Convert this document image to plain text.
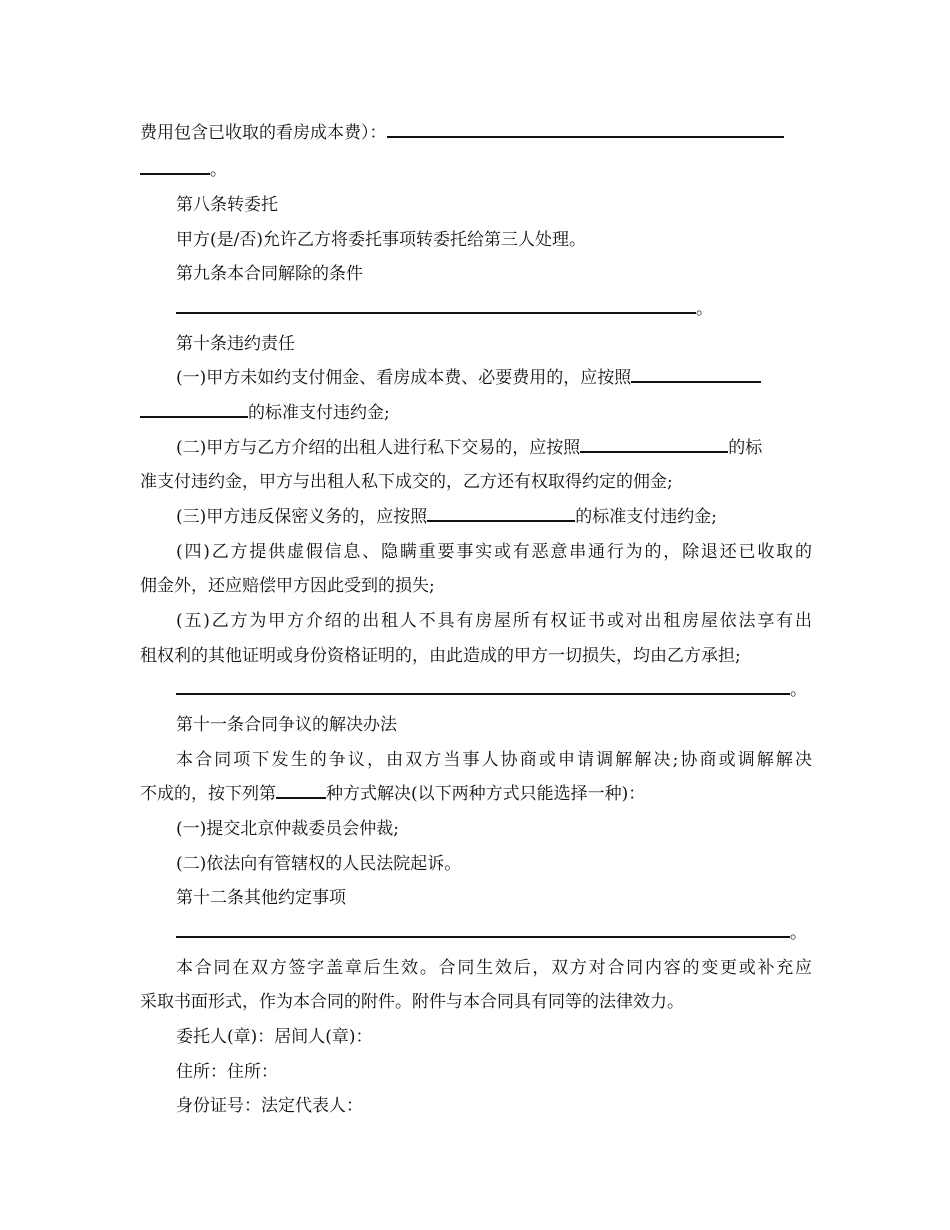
费用包含已收取的看房成本费）：
。
第八条转委托
甲方(是/否)允许乙方将委托事项转委托给第三人处理。
第九条本合同解除的条件
。
第十条违约责任
(一)甲方未如约支付佣金、看房成本费、必要费用的，应按照
的标准支付违约金;
(二)甲方与乙方介绍的出租人进行私下交易的，应按照	的标
准支付违约金，甲方与出租人私下成交的，乙方还有权取得约定的佣金;
(三)甲方违反保密义务的，应按照	的标准支付违约金;
(四)乙方提供虚假信息、隐瞒重要事实或有恶意串通行为的，除退还已收取的
佣金外，还应赔偿甲方因此受到的损失;
(五)乙方为甲方介绍的出租人不具有房屋所有权证书或对出租房屋依法享有出
租权利的其他证明或身份资格证明的，由此造成的甲方一切损失，均由乙方承担;
。
第十一条合同争议的解决办法
本合同项下发生的争议，由双方当事人协商或申请调解解决;协商或调解解决
不成的，按下列第	种方式解决(以下两种方式只能选择一种)：
(一)提交北京仲裁委员会仲裁;
(二)依法向有管辖权的人民法院起诉。
第十二条其他约定事项
。
本合同在双方签字盖章后生效。合同生效后，双方对合同内容的变更或补充应
采取书面形式，作为本合同的附件。附件与本合同具有同等的法律效力。
委托人(章)：居间人(章)：
住所：住所：
身份证号：法定代表人：
